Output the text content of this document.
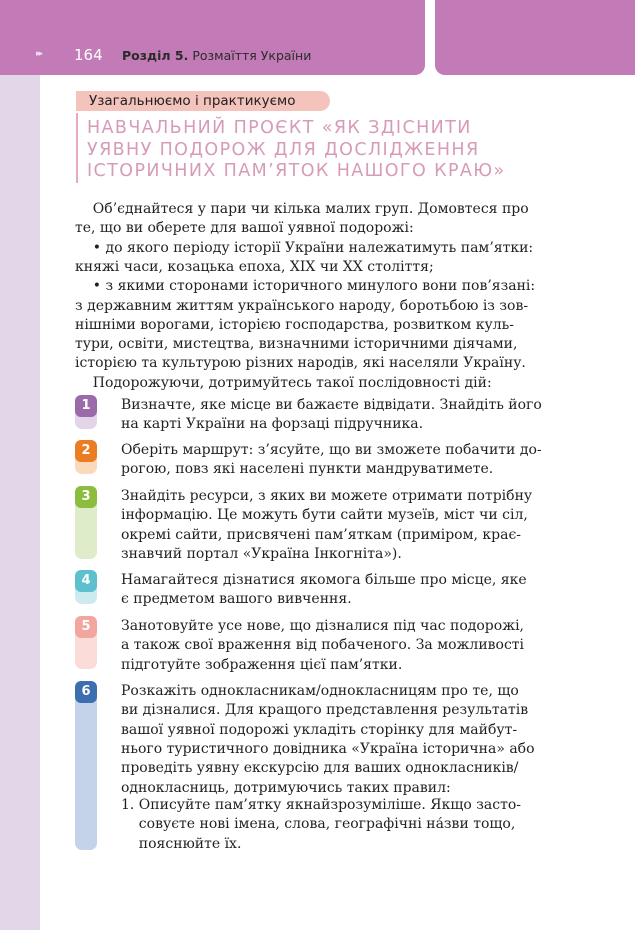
▸▸ 164 Розділ 5. Розмаїття України
Узагальнюємо і практикуємо
НАВЧАЛЬНИЙ ПРОЄКТ «ЯК ЗДІСНИТИ
УЯВНУ ПОДОРОЖ ДЛЯ ДОСЛІДЖЕННЯ
ІСТОРИЧНИХ ПАМ’ЯТОК НАШОГО КРАЮ»
Об’єднайтеся у пари чи кілька малих груп. Домовтеся про
те, що ви оберете для вашої уявної подорожі:
• до якого періоду історії України належатимуть пам’ятки:
княжі часи, козацька епоха, XIX чи XX століття;
• з якими сторонами історичного минулого вони пов’язані:
з державним життям українського народу, боротьбою із зов-
нішніми ворогами, історією господарства, розвитком куль-
тури, освіти, мистецтва, визначними історичними діячами,
історією та культурою різних народів, які населяли Україну.
Подорожуючи, дотримуйтесь такої послідовності дій:
1	Визначте, яке місце ви бажаєте відвідати. Знайдіть його
на карті України на форзаці підручника.
2	Оберіть маршрут: з’ясуйте, що ви зможете побачити до-
рогою, повз які населені пункти мандруватимете.
3	Знайдіть ресурси, з яких ви можете отримати потрібну
інформацію. Це можуть бути сайти музеїв, міст чи сіл,
окремі сайти, присвячені пам’яткам (приміром, крає-
знавчий портал «Україна Інкогніта»).
4	Намагайтеся дізнатися якомога більше про місце, яке
є предметом вашого вивчення.
5	Занотовуйте усе нове, що дізналися під час подорожі,
а також свої враження від побаченого. За можливості
підготуйте зображення цієї пам’ятки.
6	Розкажіть однокласникам/однокласницям про те, що
ви дізналися. Для кращого представлення результатів
вашої уявної подорожі укладіть сторінку для майбут-
нього туристичного довідника «Україна історична» або
проведіть уявну екскурсію для ваших однокласників/
однокласниць, дотримуючись таких правил:
1. Описуйте пам’ятку якнайзрозуміліше. Якщо засто-
совуєте нові імена, слова, географічні на́зви тощо,
пояснюйте їх.
